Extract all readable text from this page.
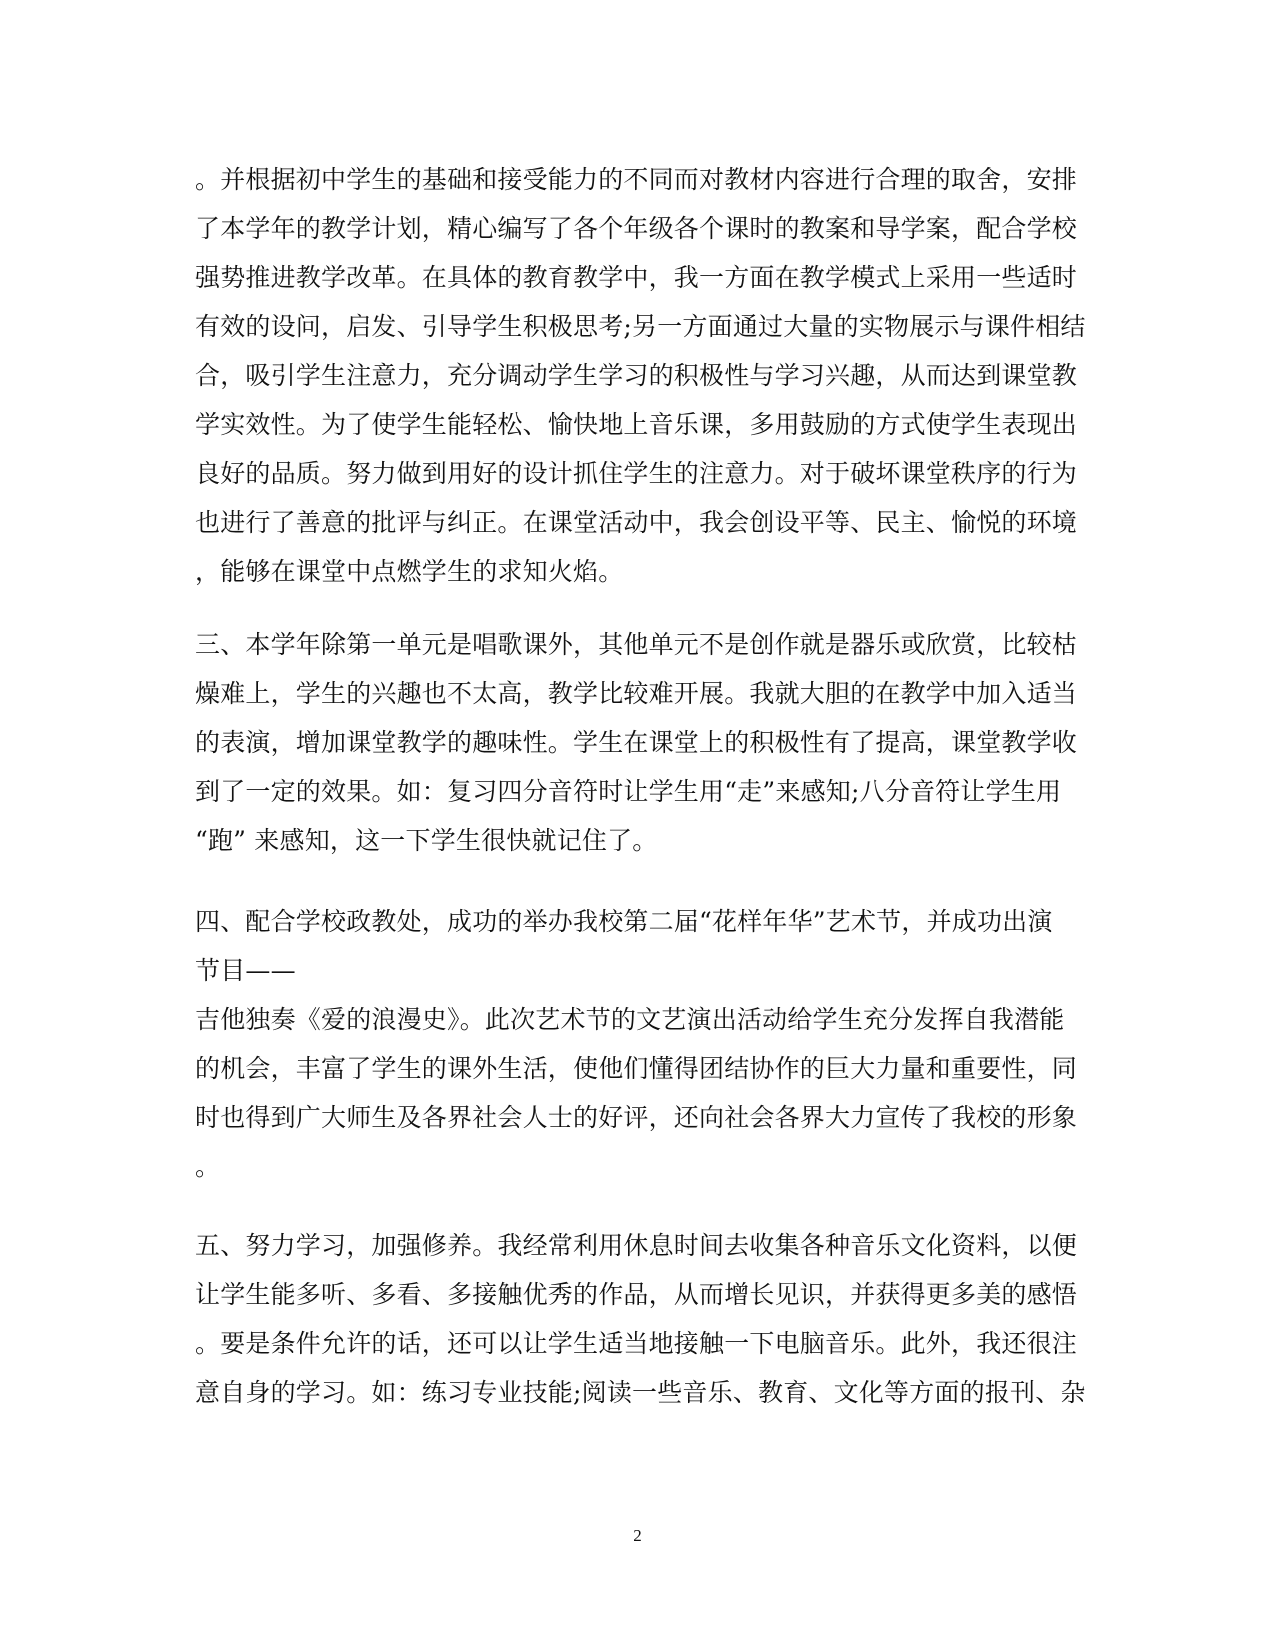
。并根据初中学生的基础和接受能力的不同而对教材内容进行合理的取舍，安排
了本学年的教学计划，精心编写了各个年级各个课时的教案和导学案，配合学校
强势推进教学改革。在具体的教育教学中，我一方面在教学模式上采用一些适时
有效的设问，启发、引导学生积极思考;另一方面通过大量的实物展示与课件相结
合，吸引学生注意力，充分调动学生学习的积极性与学习兴趣，从而达到课堂教
学实效性。为了使学生能轻松、愉快地上音乐课，多用鼓励的方式使学生表现出
良好的品质。努力做到用好的设计抓住学生的注意力。对于破坏课堂秩序的行为
也进行了善意的批评与纠正。在课堂活动中，我会创设平等、民主、愉悦的环境
，能够在课堂中点燃学生的求知火焰。
三、本学年除第一单元是唱歌课外，其他单元不是创作就是器乐或欣赏，比较枯
燥难上，学生的兴趣也不太高，教学比较难开展。我就大胆的在教学中加入适当
的表演，增加课堂教学的趣味性。学生在课堂上的积极性有了提高，课堂教学收
到了一定的效果。如：复习四分音符时让学生用“走”来感知;八分音符让学生用
“跑” 来感知，这一下学生很快就记住了。
四、配合学校政教处，成功的举办我校第二届“花样年华”艺术节，并成功出演
节目——
吉他独奏《爱的浪漫史》。此次艺术节的文艺演出活动给学生充分发挥自我潜能
的机会，丰富了学生的课外生活，使他们懂得团结协作的巨大力量和重要性，同
时也得到广大师生及各界社会人士的好评，还向社会各界大力宣传了我校的形象
。
五、努力学习，加强修养。我经常利用休息时间去收集各种音乐文化资料，以便
让学生能多听、多看、多接触优秀的作品，从而增长见识，并获得更多美的感悟
。要是条件允许的话，还可以让学生适当地接触一下电脑音乐。此外，我还很注
意自身的学习。如：练习专业技能;阅读一些音乐、教育、文化等方面的报刊、杂
2
